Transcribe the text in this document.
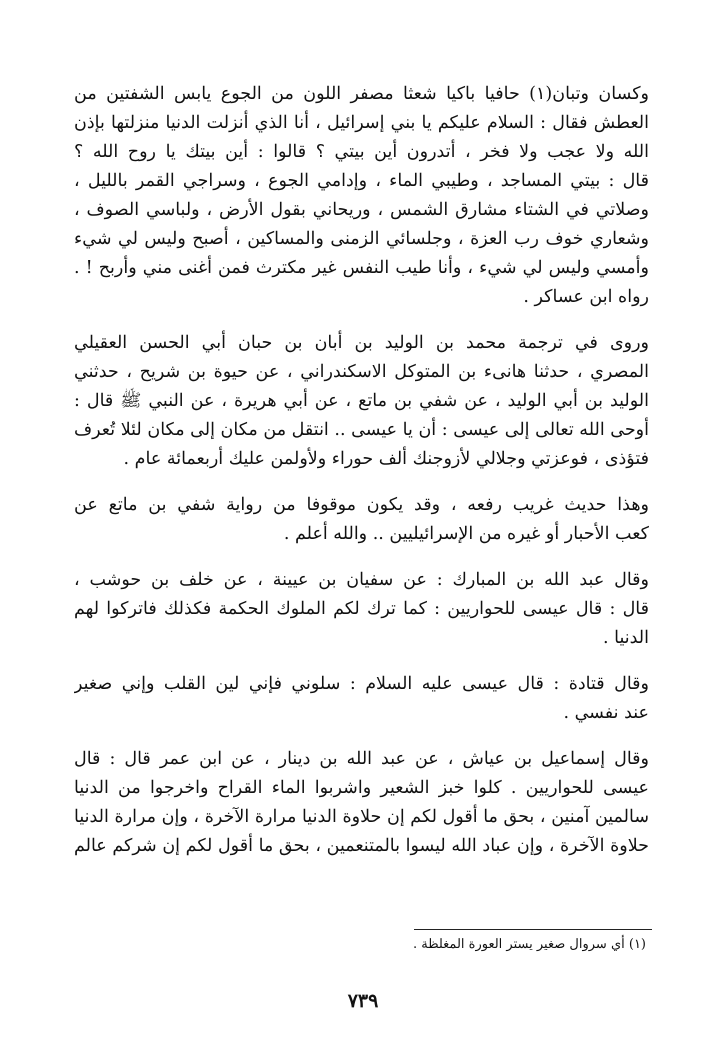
وكسان وتبان(١) حافيا باكيا شعثا مصفر اللون من الجوع يابس الشفتين من
العطش فقال : السلام عليكم يا بني إسرائيل ، أنا الذي أنزلت الدنيا منزلتها بإذن
الله ولا عجب ولا فخر ، أتدرون أين بيتي ؟ قالوا : أين بيتك يا روح الله ؟
قال : بيتي المساجد ، وطيبي الماء ، وإدامي الجوع ، وسراجي القمر بالليل ،
وصلاتي في الشتاء مشارق الشمس ، وريحاني بقول الأرض ، ولباسي الصوف ،
وشعاري خوف رب العزة ، وجلسائي الزمنى والمساكين ، أصبح وليس لي شيء
وأمسي وليس لي شيء ، وأنا طيب النفس غير مكترث فمن أغنى مني وأربح ! .
رواه ابن عساكر .
وروى في ترجمة محمد بن الوليد بن أبان بن حبان أبي الحسن العقيلي
المصري ، حدثنا هانىء بن المتوكل الاسكندراني ، عن حيوة بن شريح ، حدثني
الوليد بن أبي الوليد ، عن شفي بن ماتع ، عن أبي هريرة ، عن النبي ﷺ قال :
أوحى الله تعالى إلى عيسى : أن يا عيسى .. انتقل من مكان إلى مكان لئلا تُعرف
فتؤذى ، فوعزتي وجلالي لأزوجنك ألف حوراء ولأولمن عليك أربعمائة عام .
وهذا حديث غريب رفعه ، وقد يكون موقوفا من رواية شفي بن ماتع عن
كعب الأحبار أو غيره من الإسرائيليين .. والله أعلم .
وقال عبد الله بن المبارك : عن سفيان بن عيينة ، عن خلف بن حوشب ،
قال : قال عيسى للحواريين : كما ترك لكم الملوك الحكمة فكذلك فاتركوا لهم
الدنيا .
وقال قتادة : قال عيسى عليه السلام : سلوني فإني لين القلب وإني صغير
عند نفسي .
وقال إسماعيل بن عياش ، عن عبد الله بن دينار ، عن ابن عمر قال : قال
عيسى للحواريين . كلوا خبز الشعير واشربوا الماء القراح واخرجوا من الدنيا
سالمين آمنين ، بحق ما أقول لكم إن حلاوة الدنيا مرارة الآخرة ، وإن مرارة الدنيا
حلاوة الآخرة ، وإن عباد الله ليسوا بالمتنعمين ، بحق ما أقول لكم إن شركم عالم
(١) أي سروال صغير يستر العورة المغلظة .
٧٣٩
